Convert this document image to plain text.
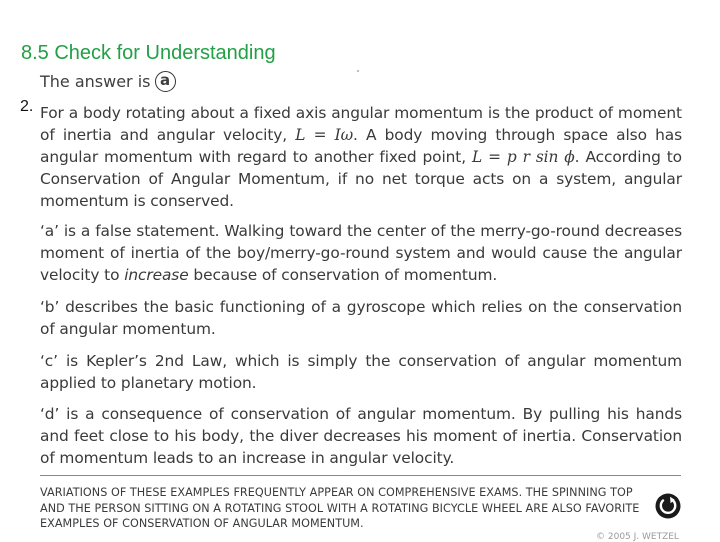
8.5 Check for Understanding
The answer is a
2. For a body rotating about a fixed axis angular momentum is the product of moment of inertia and angular velocity, L = Iω. A body moving through space also has angular momentum with regard to another fixed point, L = p r sin ϕ. According to Conservation of Angular Momentum, if no net torque acts on a system, angular momentum is conserved.

‘a’ is a false statement. Walking toward the center of the merry-go-round decreases moment of inertia of the boy/merry-go-round system and would cause the angular velocity to increase because of conservation of momentum.

‘b’ describes the basic functioning of a gyroscope which relies on the conservation of angular momentum.

‘c’ is Kepler’s 2nd Law, which is simply the conservation of angular momentum applied to planetary motion.

‘d’ is a consequence of conservation of angular momentum. By pulling his hands and feet close to his body, the diver decreases his moment of inertia. Conservation of momentum leads to an increase in angular velocity.

VARIATIONS OF THESE EXAMPLES FREQUENTLY APPEAR ON COMPREHENSIVE EXAMS. THE SPINNING TOP AND THE PERSON SITTING ON A ROTATING STOOL WITH A ROTATING BICYCLE WHEEL ARE ALSO FAVORITE EXAMPLES OF CONSERVATION OF ANGULAR MOMENTUM.

© 2005 J. WETZEL
